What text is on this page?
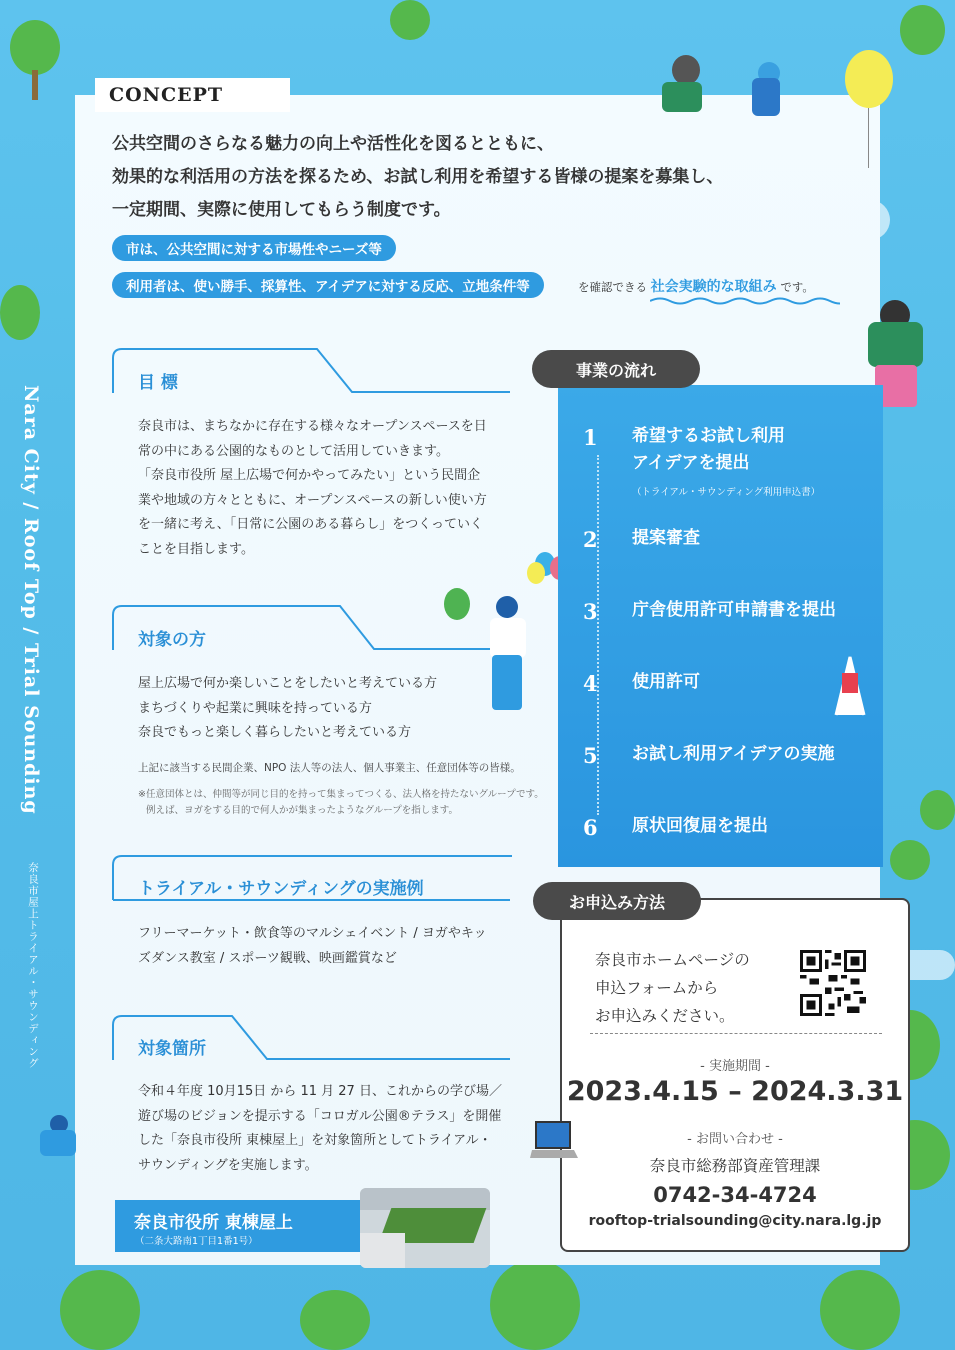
CONCEPT
公共空間のさらなる魅力の向上や活性化を図るとともに、
効果的な利活用の方法を探るため、お試し利用を希望する皆様の提案を募集し、
一定期間、実際に使用してもらう制度です。
市は、公共空間に対する市場性やニーズ等
利用者は、使い勝手、採算性、アイデアに対する反応、立地条件等	を確認できる 社会実験的な取組み です。
Nara City / Roof Top / Trial Sounding
奈良市屋上トライアル・サウンディング
目 標
奈良市は、まちなかに存在する様々なオープンスペースを日
常の中にある公園的なものとして活用していきます。
「奈良市役所 屋上広場で何かやってみたい」という民間企
業や地域の方々とともに、オープンスペースの新しい使い方
を一緒に考え、「日常に公園のある暮らし」をつくっていく
ことを目指します。
対象の方
屋上広場で何か楽しいことをしたいと考えている方
まちづくりや起業に興味を持っている方
奈良でもっと楽しく暮らしたいと考えている方
上記に該当する民間企業、NPO 法人等の法人、個人事業主、任意団体等の皆様。
※任意団体とは、仲間等が同じ目的を持って集まってつくる、法人格を持たないグループです。
例えば、ヨガをする目的で何人かが集まったようなグループを指します。
トライアル・サウンディングの実施例
フリーマーケット・飲食等のマルシェイベント / ヨガやキッ
ズダンス教室 / スポーツ観戦、映画鑑賞など
対象箇所
令和４年度 10月15日 から 11 月 27 日、これからの学び場／
遊び場のビジョンを提示する「コロガル公園®テラス」を開催
した「奈良市役所 東棟屋上」を対象箇所としてトライアル・
サウンディングを実施します。
奈良市役所 東棟屋上
（二条大路南1丁目1番1号）
事業の流れ
1 希望するお試し利用
アイデアを提出
（トライアル・サウンディング利用申込書）
2 提案審査
3 庁舎使用許可申請書を提出
4 使用許可
5 お試し利用アイデアの実施
6 原状回復届を提出
お申込み方法
奈良市ホームページの
申込フォームから
お申込みください。
- 実施期間 -
2023.4.15 – 2024.3.31
- お問い合わせ -
奈良市総務部資産管理課
0742-34-4724
rooftop-trialsounding@city.nara.lg.jp
